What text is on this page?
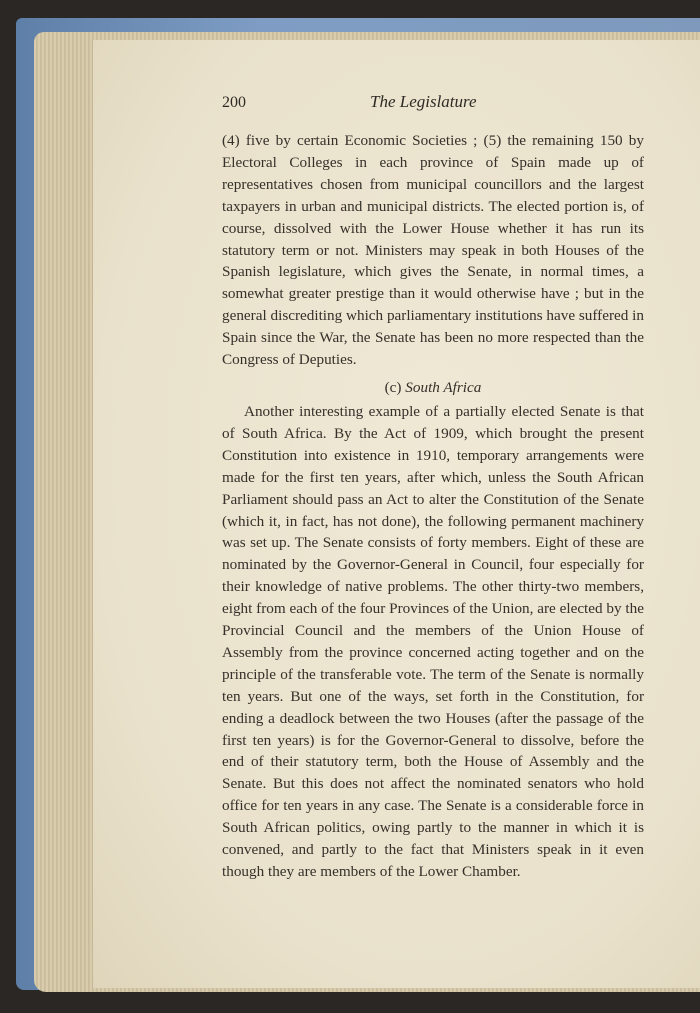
200	The Legislature

(4) five by certain Economic Societies ; (5) the remaining 150 by Electoral Colleges in each province of Spain made up of representatives chosen from municipal councillors and the largest taxpayers in urban and municipal districts. The elected portion is, of course, dissolved with the Lower House whether it has run its statutory term or not. Ministers may speak in both Houses of the Spanish legislature, which gives the Senate, in normal times, a somewhat greater prestige than it would otherwise have ; but in the general discrediting which parliamentary institutions have suffered in Spain since the War, the Senate has been no more respected than the Congress of Deputies.

(c) South Africa

Another interesting example of a partially elected Senate is that of South Africa. By the Act of 1909, which brought the present Constitution into existence in 1910, temporary arrangements were made for the first ten years, after which, unless the South African Parliament should pass an Act to alter the Constitution of the Senate (which it, in fact, has not done), the following permanent machinery was set up. The Senate consists of forty members. Eight of these are nominated by the Governor-General in Council, four especially for their knowledge of native problems. The other thirty-two members, eight from each of the four Provinces of the Union, are elected by the Provincial Council and the members of the Union House of Assembly from the province concerned acting together and on the principle of the transferable vote. The term of the Senate is normally ten years. But one of the ways, set forth in the Constitution, for ending a deadlock between the two Houses (after the passage of the first ten years) is for the Governor-General to dissolve, before the end of their statutory term, both the House of Assembly and the Senate. But this does not affect the nominated senators who hold office for ten years in any case. The Senate is a considerable force in South African politics, owing partly to the manner in which it is convened, and partly to the fact that Ministers speak in it even though they are members of the Lower Chamber.
